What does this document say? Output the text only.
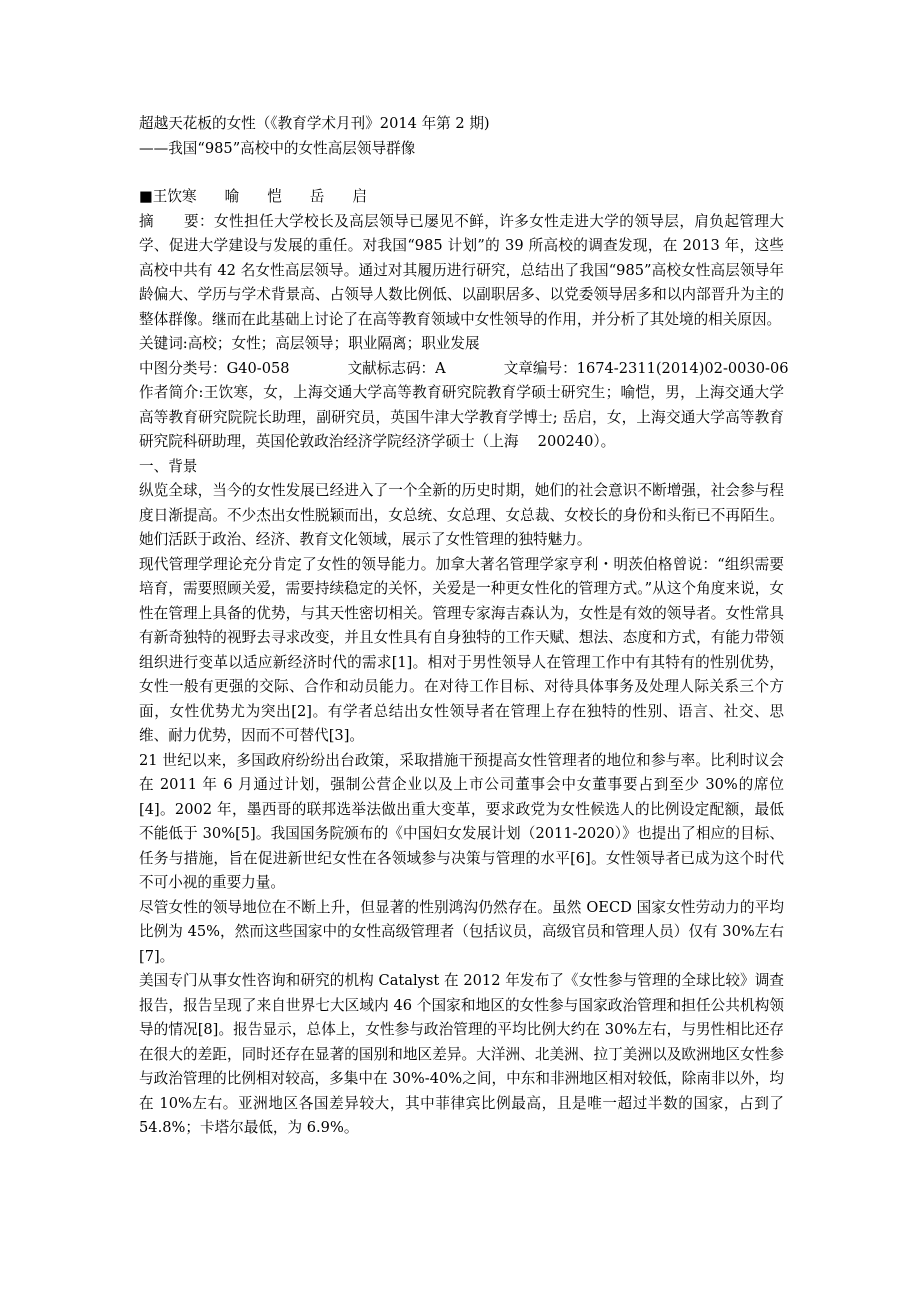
超越天花板的女性（《教育学术月刊》2014 年第 2 期)
——我国“985”高校中的女性高层领导群像
■王饮寒 喻 恺 岳 启

摘　　要：女性担任大学校长及高层领导已屡见不鲜，许多女性走进大学的领导层，肩负起管理大学、促进大学建设与发展的重任。对我国“985 计划”的 39 所高校的调查发现，在 2013 年，这些高校中共有 42 名女性高层领导。通过对其履历进行研究，总结出了我国“985”高校女性高层领导年龄偏大、学历与学术背景高、占领导人数比例低、以副职居多、以党委领导居多和以内部晋升为主的整体群像。继而在此基础上讨论了在高等教育领域中女性领导的作用，并分析了其处境的相关原因。

关键词:高校；女性；高层领导；职业隔离；职业发展

中图分类号：G40-058	文献标志码：A	文章编号：1674-2311(2014)02-0030-06

作者简介:王饮寒，女，上海交通大学高等教育研究院教育学硕士研究生；喻恺，男，上海交通大学高等教育研究院院长助理，副研究员，英国牛津大学教育学博士; 岳启，女，上海交通大学高等教育研究院科研助理，英国伦敦政治经济学院经济学硕士（上海　 200240）。

一、背景

纵览全球，当今的女性发展已经进入了一个全新的历史时期，她们的社会意识不断增强，社会参与程度日渐提高。不少杰出女性脱颖而出，女总统、女总理、女总裁、女校长的身份和头衔已不再陌生。她们活跃于政治、经济、教育文化领域，展示了女性管理的独特魅力。

现代管理学理论充分肯定了女性的领导能力。加拿大著名管理学家亨利・明茨伯格曾说：“组织需要培育，需要照顾关爱，需要持续稳定的关怀，关爱是一种更女性化的管理方式。”从这个角度来说，女性在管理上具备的优势，与其天性密切相关。管理专家海吉森认为，女性是有效的领导者。女性常具有新奇独特的视野去寻求改变，并且女性具有自身独特的工作天赋、想法、态度和方式，有能力带领组织进行变革以适应新经济时代的需求[1]。相对于男性领导人在管理工作中有其特有的性别优势，女性一般有更强的交际、合作和动员能力。在对待工作目标、对待具体事务及处理人际关系三个方面，女性优势尤为突出[2]。有学者总结出女性领导者在管理上存在独特的性别、语言、社交、思维、耐力优势，因而不可替代[3]。

21 世纪以来，多国政府纷纷出台政策，采取措施干预提高女性管理者的地位和参与率。比利时议会在 2011 年 6 月通过计划，强制公营企业以及上市公司董事会中女董事要占到至少 30%的席位[4]。2002 年，墨西哥的联邦选举法做出重大变革，要求政党为女性候选人的比例设定配额，最低不能低于 30%[5]。我国国务院颁布的《中国妇女发展计划（2011-2020）》也提出了相应的目标、任务与措施，旨在促进新世纪女性在各领域参与决策与管理的水平[6]。女性领导者已成为这个时代不可小视的重要力量。

尽管女性的领导地位在不断上升，但显著的性别鸿沟仍然存在。虽然 OECD 国家女性劳动力的平均比例为 45%，然而这些国家中的女性高级管理者（包括议员，高级官员和管理人员）仅有 30%左右[7]。

美国专门从事女性咨询和研究的机构 Catalyst 在 2012 年发布了《女性参与管理的全球比较》调查报告，报告呈现了来自世界七大区域内 46 个国家和地区的女性参与国家政治管理和担任公共机构领导的情况[8]。报告显示，总体上，女性参与政治管理的平均比例大约在 30%左右，与男性相比还存在很大的差距，同时还存在显著的国别和地区差异。大洋洲、北美洲、拉丁美洲以及欧洲地区女性参与政治管理的比例相对较高，多集中在 30%-40%之间，中东和非洲地区相对较低，除南非以外，均在 10%左右。亚洲地区各国差异较大，其中菲律宾比例最高，且是唯一超过半数的国家，占到了 54.8%；卡塔尔最低，为 6.9%。
